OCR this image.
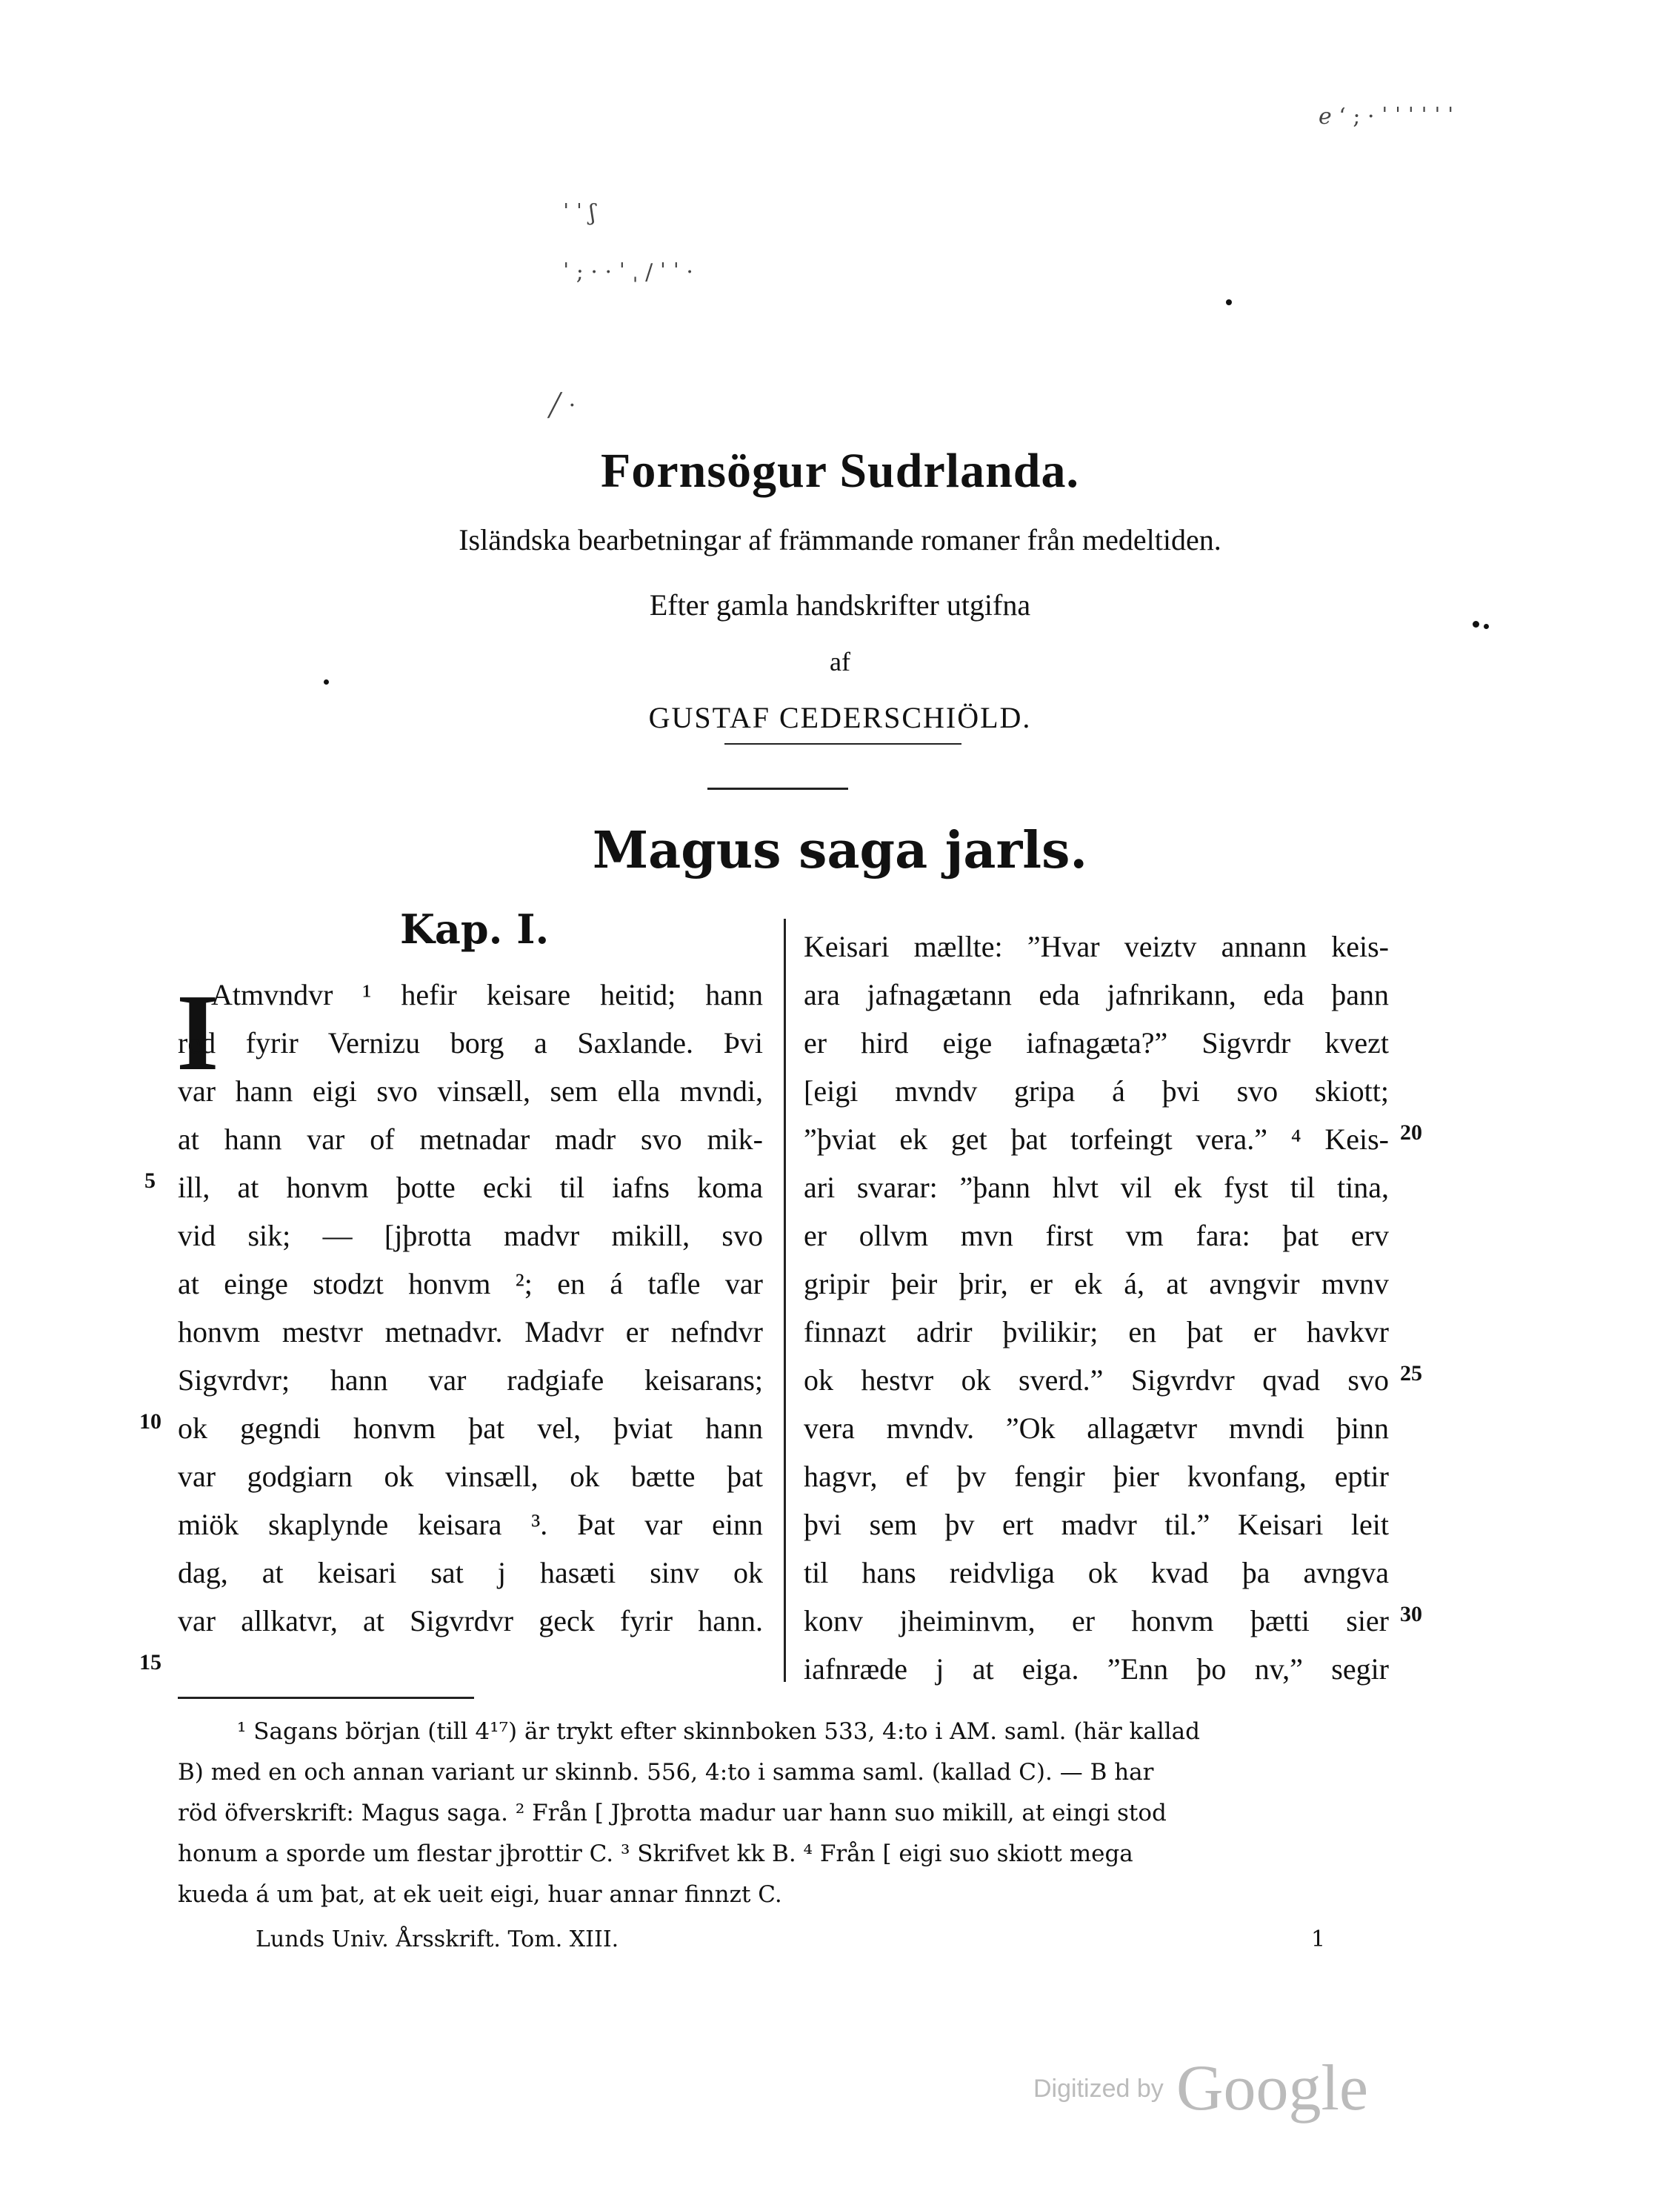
ℯ ‘ ; · ˈ ˈ ˈ ˈ ˈ ˈ
ˈ ˈ ʃ
ˈ ; · · ˈ ˌ / ˈ ˈ ·
╱ ·
Fornsögur Sudrlanda.
Isländska bearbetningar af främmande romaner från medeltiden.
Efter gamla handskrifter utgifna
af
GUSTAF CEDERSCHIÖLD.
Magus saga jarls.
Kap. I.
I
Atmvndvr ¹ hefir keisare heitid; hann
red fyrir Vernizu borg a Saxlande. Þvi
var hann eigi svo vinsæll, sem ella mvndi,
at hann var of metnadar madr svo mik-
ill, at honvm þotte ecki til iafns koma
vid sik; — [jþrotta madvr mikill, svo
at einge stodzt honvm ²; en á tafle var
honvm mestvr metnadvr. Madvr er nefndvr
Sigvrdvr; hann var radgiafe keisarans;
ok gegndi honvm þat vel, þviat hann
var godgiarn ok vinsæll, ok bætte þat
miök skaplynde keisara ³. Þat var einn
dag, at keisari sat j hasæti sinv ok
var allkatvr, at Sigvrdvr geck fyrir hann.
Keisari mællte: ”Hvar veiztv annann keis-
ara jafnagætann eda jafnrikann, eda þann
er hird eige iafnagæta?” Sigvrdr kvezt
[eigi mvndv gripa á þvi svo skiott;
”þviat ek get þat torfeingt vera.” ⁴ Keis-
ari svarar: ”þann hlvt vil ek fyst til tina,
er ollvm mvn first vm fara: þat erv
gripir þeir þrir, er ek á, at avngvir mvnv
finnazt adrir þvilikir; en þat er havkvr
ok hestvr ok sverd.” Sigvrdvr qvad svo
vera mvndv. ”Ok allagætvr mvndi þinn
hagvr, ef þv fengir þier kvonfang, eptir
þvi sem þv ert madvr til.” Keisari leit
til hans reidvliga ok kvad þa avngva
konv jheiminvm, er honvm þætti sier
iafnræde j at eiga. ”Enn þo nv,” segir
5
10
15
20
25
30
¹ Sagans början (till 4¹⁷) är trykt efter skinnboken 533, 4:to i AM. saml. (här kallad
B) med en och annan variant ur skinnb. 556, 4:to i samma saml. (kallad C). — B har
röd öfverskrift: Magus saga. ² Från [ Jþrotta madur uar hann suo mikill, at eingi stod
honum a sporde um flestar jþrottir C. ³ Skrifvet kk B. ⁴ Från [ eigi suo skiott mega
kueda á um þat, at ek ueit eigi, huar annar finnzt C.
Lunds Univ. Årsskrift. Tom. XIII.	1
Digitized by Google
